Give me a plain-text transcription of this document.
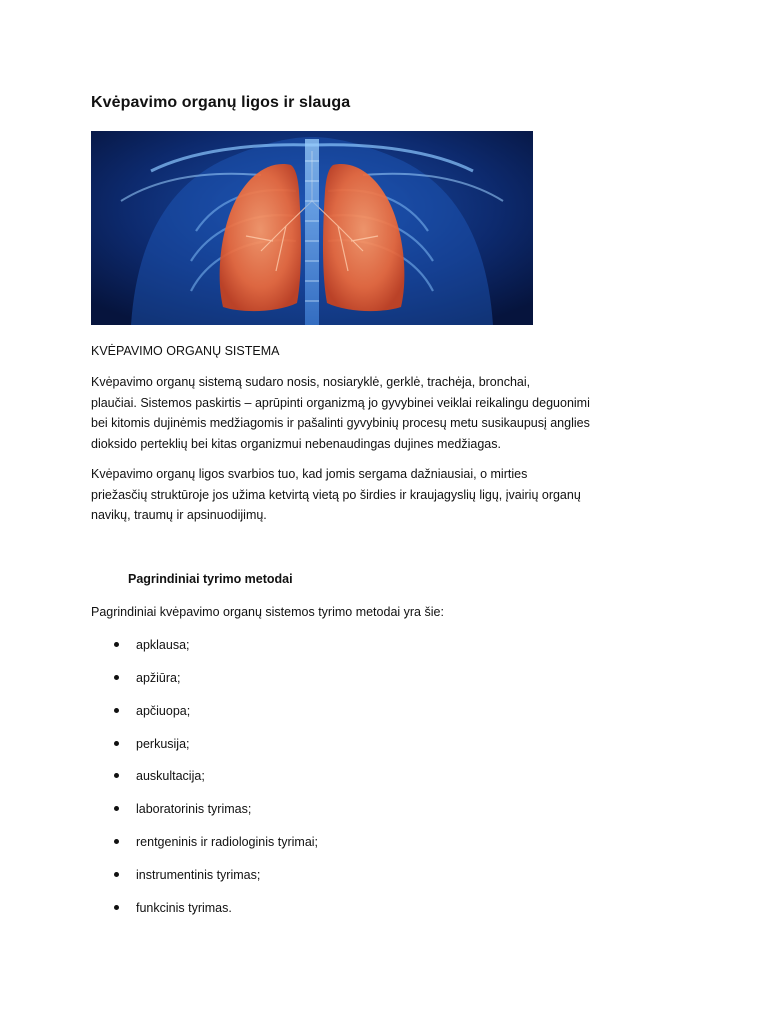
Kvėpavimo organų ligos ir slauga

KVĖPAVIMO ORGANŲ SISTEMA

Kvėpavimo organų sistemą sudaro nosis, nosiaryklė, gerklė, trachėja, bronchai,
plaučiai. Sistemos paskirtis – aprūpinti organizmą jo gyvybinei veiklai reikalingu deguonimi
bei kitomis dujinėmis medžiagomis ir pašalinti gyvybinių procesų metu susikaupusį anglies
dioksido perteklių bei kitas organizmui nebenaudingas dujines medžiagas.

Kvėpavimo organų ligos svarbios tuo, kad jomis sergama dažniausiai, o mirties
priežasčių struktūroje jos užima ketvirtą vietą po širdies ir kraujagyslių ligų, įvairių organų
navikų, traumų ir apsinuodijimų.

Pagrindiniai tyrimo metodai

Pagrindiniai kvėpavimo organų sistemos tyrimo metodai yra šie:

apklausa;
apžiūra;
apčiuopa;
perkusija;
auskultacija;
laboratorinis tyrimas;
rentgeninis ir radiologinis tyrimai;
instrumentinis tyrimas;
funkcinis tyrimas.
